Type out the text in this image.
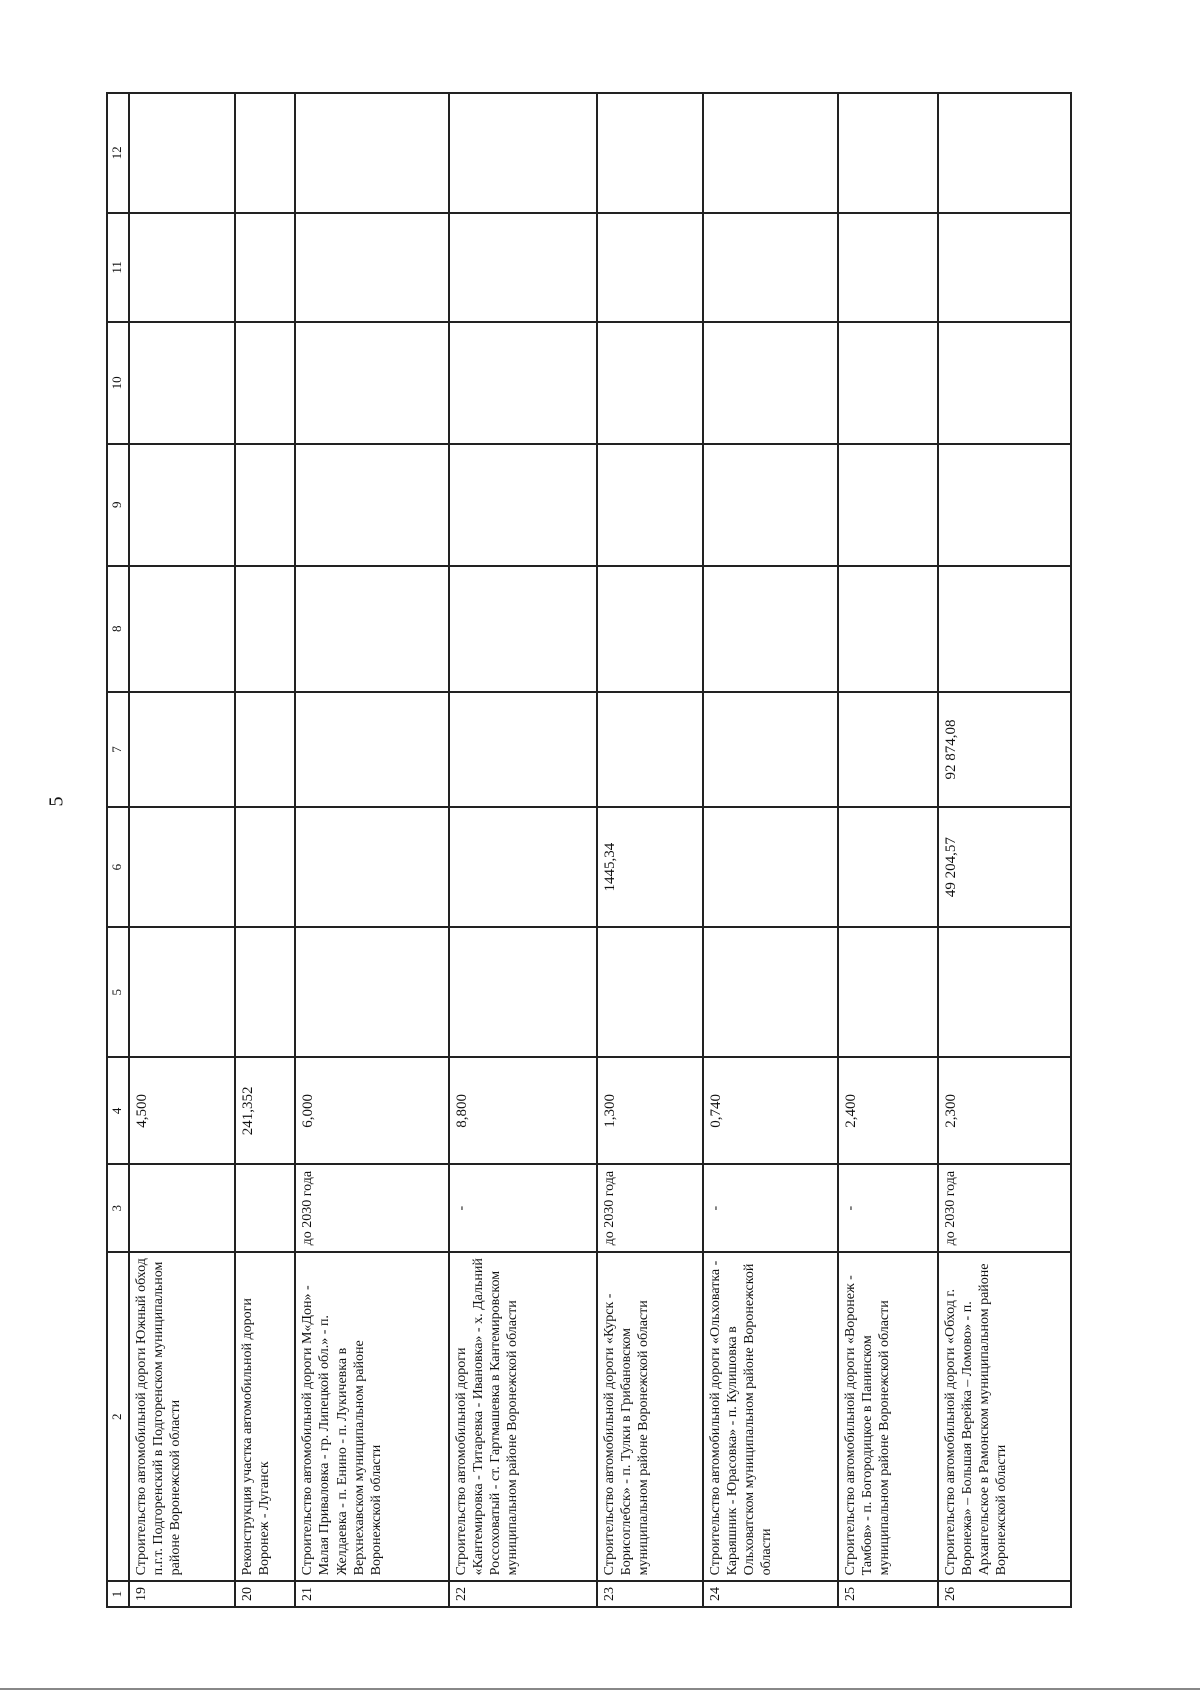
5
1	2	3	4	5	6	7	8	9	10	11	12
19	Строительство автомобильной дороги Южный обход п.г.т. Подгоренский в Подгоренском муниципальном районе Воронежской области		4,500								
20	Реконструкция участка автомобильной дороги Воронеж - Луганск		241,352								
21	Строительство автомобильной дороги М«Дон» - Малая Приваловка - гр. Липецкой обл.» - п. Желдаевка - п. Енино - п. Лукичевка в Верхнехавском муниципальном районе Воронежской области	до 2030 года	6,000								
22	Строительство автомобильной дороги «Кантемировка - Титаревка - Ивановка» - х. Дальний Россоховатый - ст. Гартмашевка в Кантемировском муниципальном районе Воронежской области	-	8,800								
23	Строительство автомобильной дороги «Курск - Борисоглебск» - п. Тулки в Грибановском муниципальном районе Воронежской области	до 2030 года	1,300		1445,34						
24	Строительство автомобильной дороги «Ольховатка - Караяшник - Юрасовка» - п. Кулишовка в Ольховатском муниципальном районе Воронежской области	-	0,740								
25	Строительство автомобильной дороги «Воронеж - Тамбов» - п. Богородицкое в Панинском муниципальном районе Воронежской области	-	2,400								
26	Строительство автомобильной дороги «Обход г. Воронежа» – Большая Верейка – Ломово» - п. Архангельское в Рамонском муниципальном районе Воронежской области	до 2030 года	2,300		49 204,57	92 874,08					
